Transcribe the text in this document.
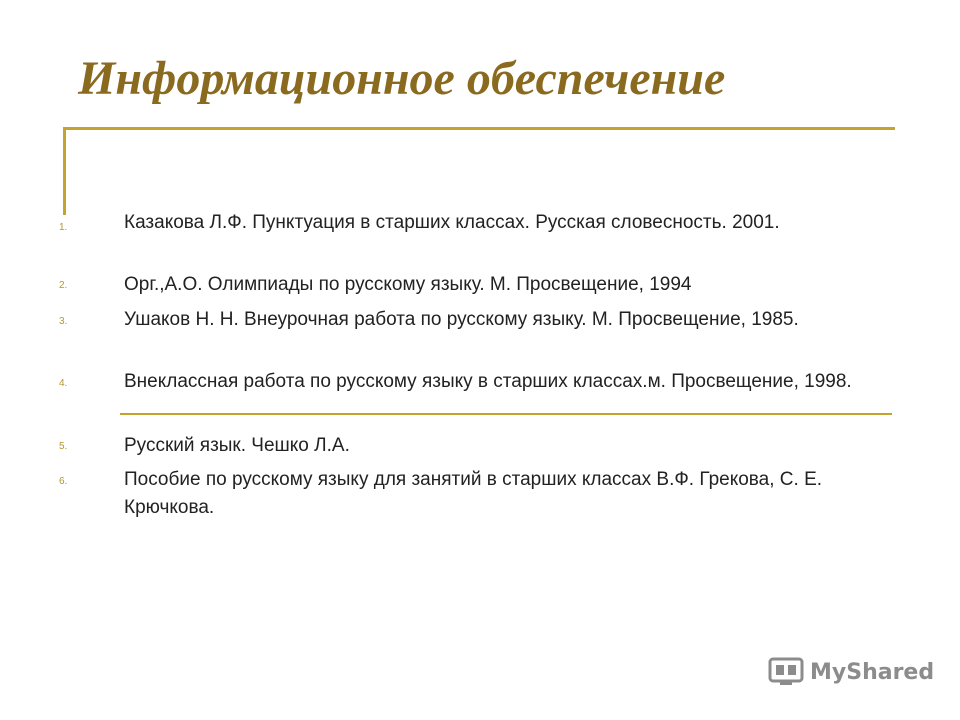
Информационное обеспечение
1.	Казакова Л.Ф. Пунктуация в старших классах. Русская словесность. 2001.
2.	Орг.,А.О. Олимпиады по русскому языку. М. Просвещение, 1994
3.	Ушаков Н. Н. Внеурочная работа по русскому языку. М. Просвещение, 1985.
4.	Внеклассная работа по русскому языку в старших классах.м. Просвещение, 1998.
5.	Русский язык. Чешко Л.А.
6.	Пособие по русскому языку для занятий в старших классах В.Ф. Грекова, С. Е. Крючкова.
MyShared
